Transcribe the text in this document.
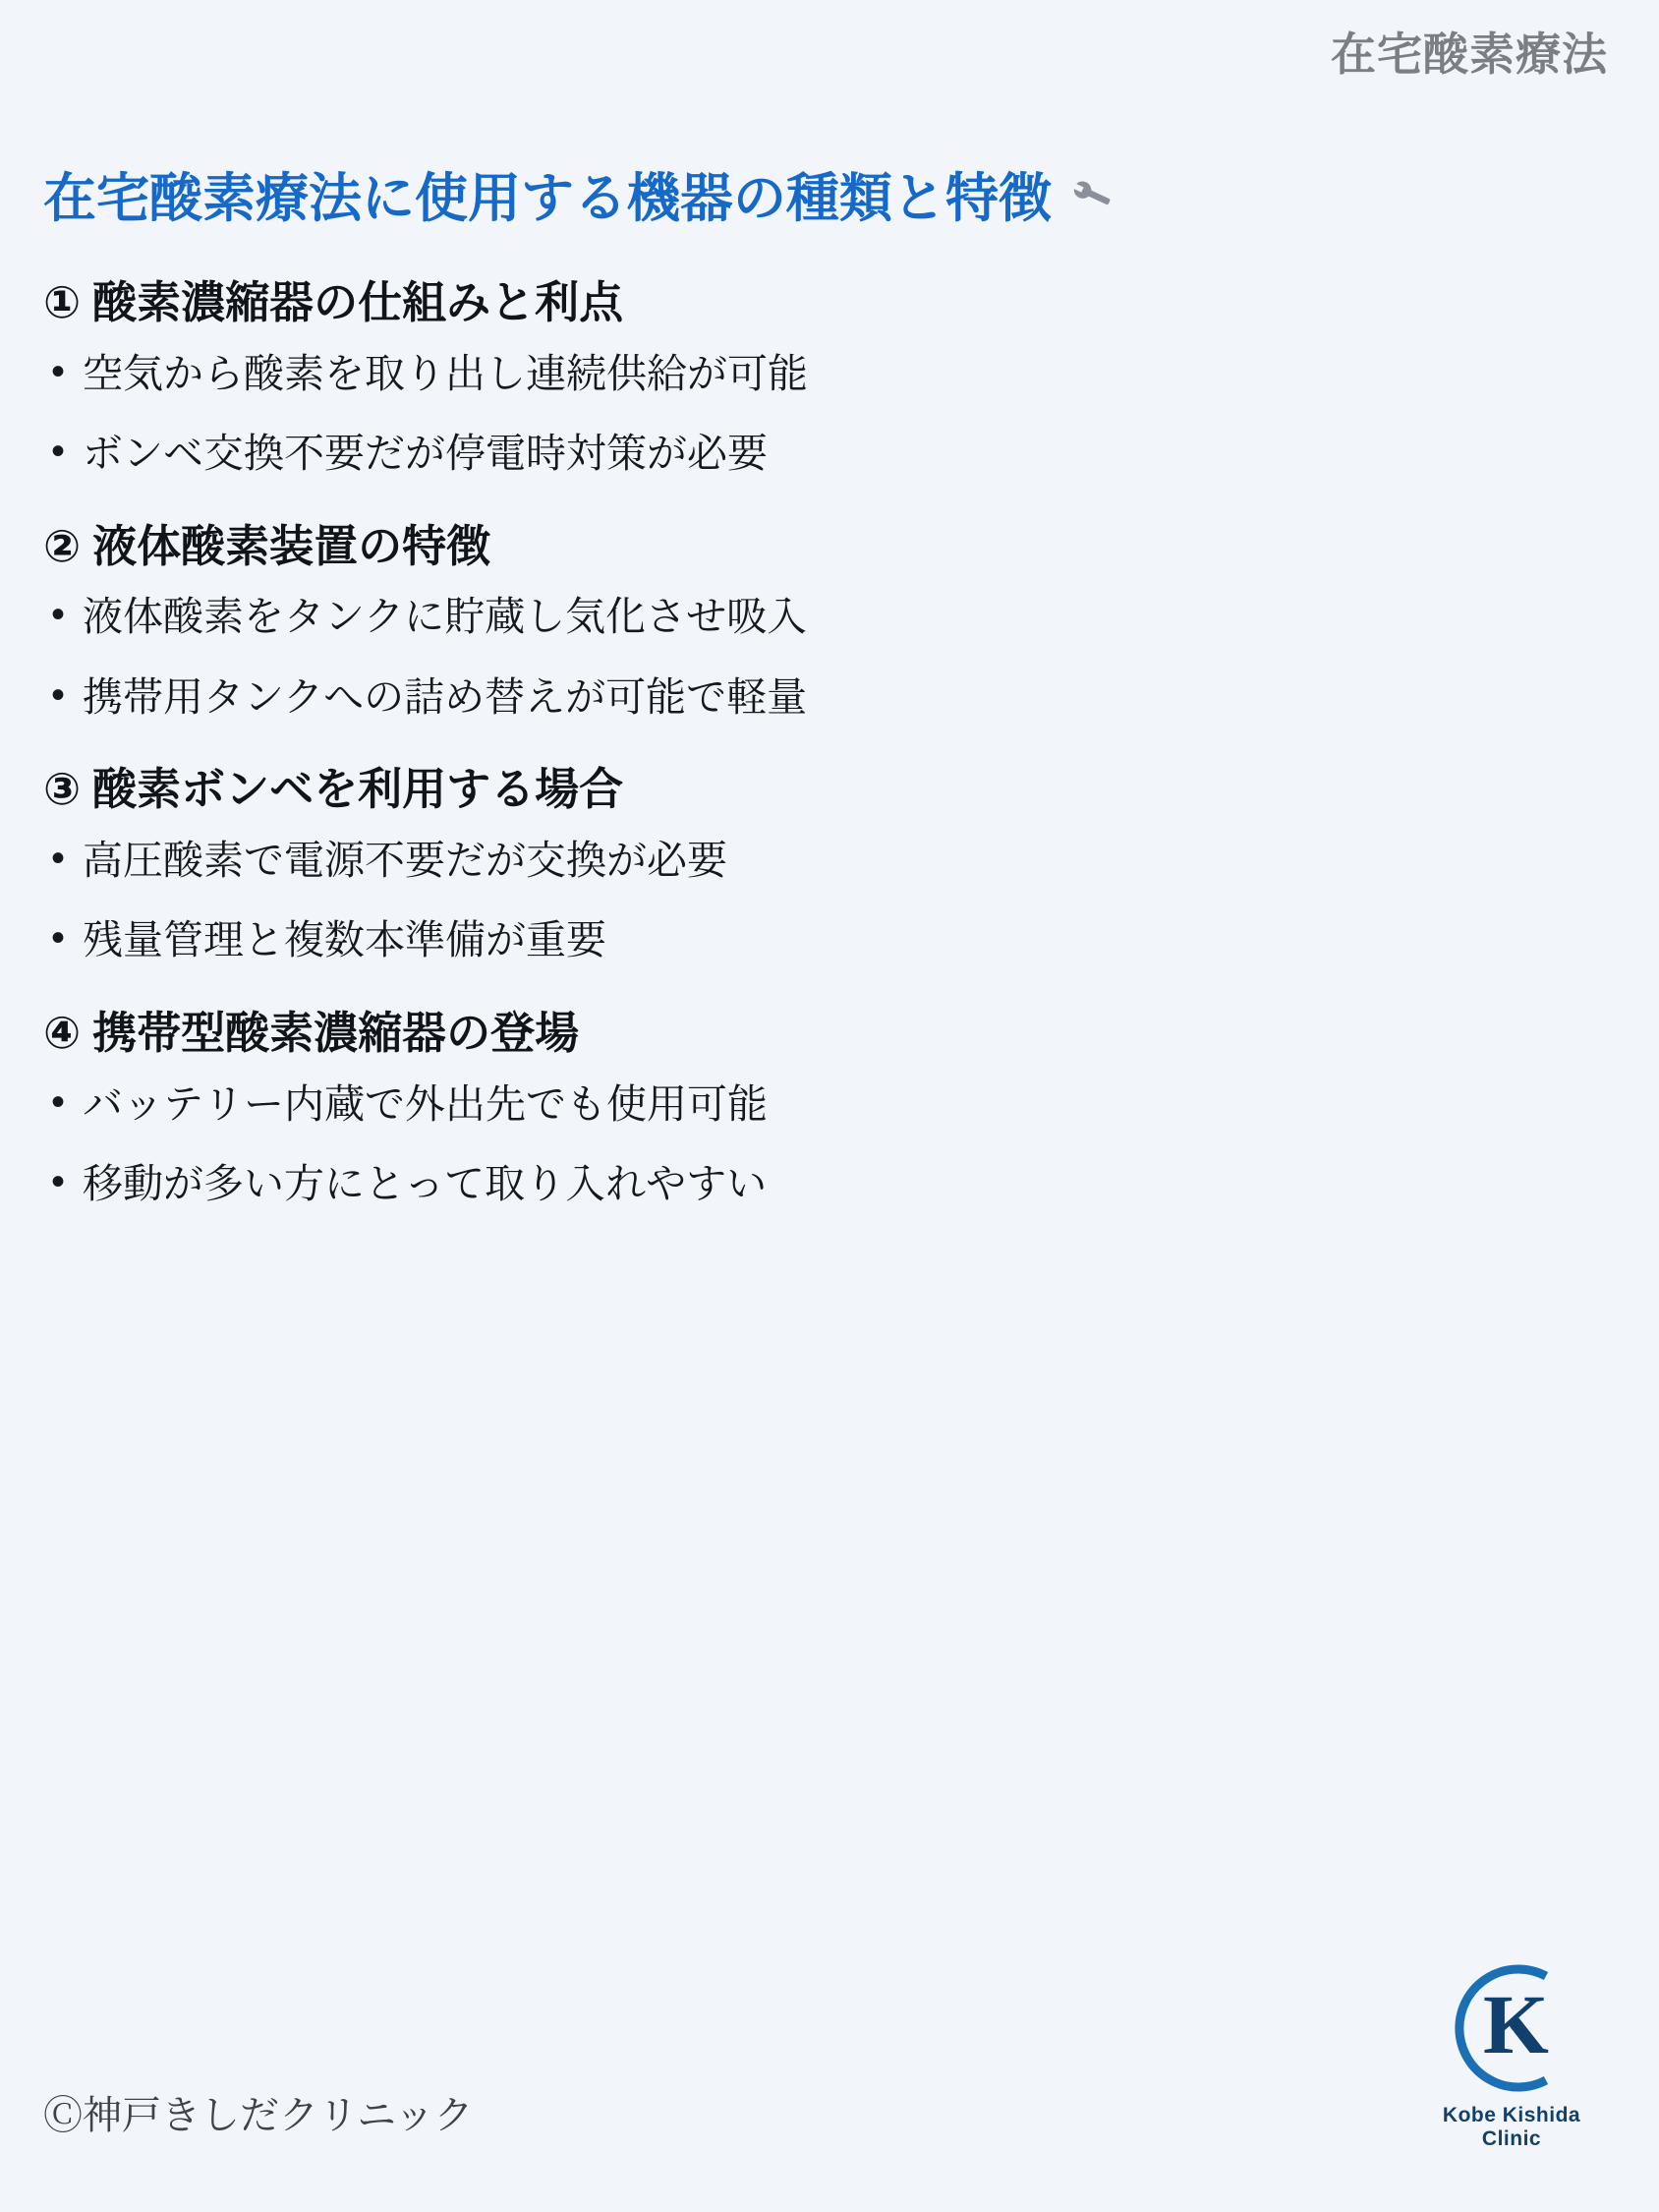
在宅酸素療法
在宅酸素療法に使用する機器の種類と特徴
① 酸素濃縮器の仕組みと利点
• 空気から酸素を取り出し連続供給が可能
• ボンベ交換不要だが停電時対策が必要
② 液体酸素装置の特徴
• 液体酸素をタンクに貯蔵し気化させ吸入
• 携帯用タンクへの詰め替えが可能で軽量
③ 酸素ボンベを利用する場合
• 高圧酸素で電源不要だが交換が必要
• 残量管理と複数本準備が重要
④ 携帯型酸素濃縮器の登場
• バッテリー内蔵で外出先でも使用可能
• 移動が多い方にとって取り入れやすい
Ⓒ神戸きしだクリニック
K
Kobe Kishida Clinic
